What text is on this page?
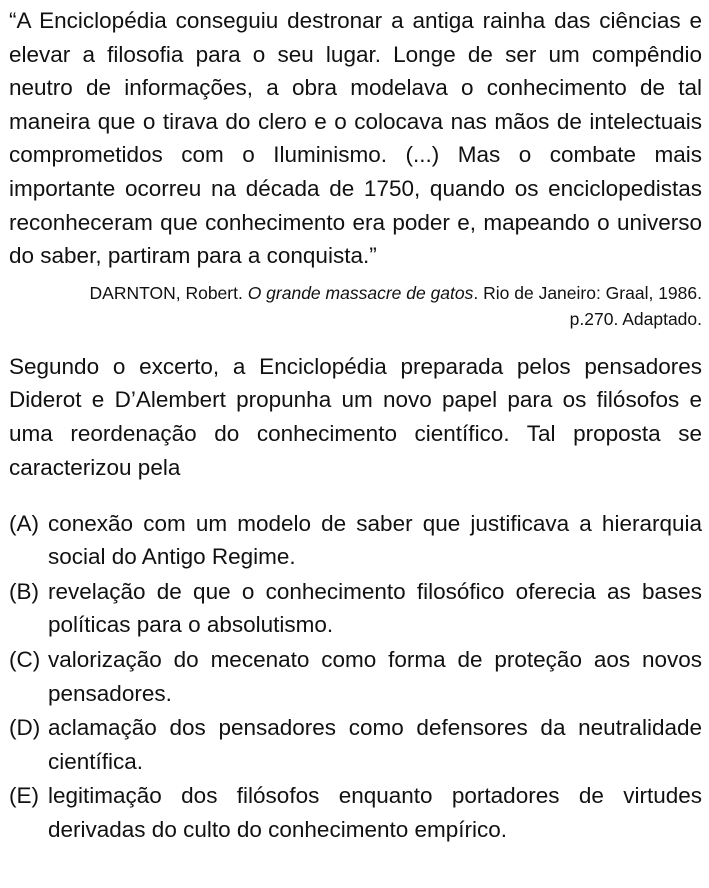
“A Enciclopédia conseguiu destronar a antiga rainha das ciências e elevar a filosofia para o seu lugar. Longe de ser um compêndio neutro de informações, a obra modelava o conhecimento de tal maneira que o tirava do clero e o colocava nas mãos de intelectuais comprometidos com o Iluminismo. (...) Mas o combate mais importante ocorreu na década de 1750, quando os enciclopedistas reconheceram que conhecimento era poder e, mapeando o universo do saber, partiram para a conquista.”

DARNTON, Robert. O grande massacre de gatos. Rio de Janeiro: Graal, 1986.
p.270. Adaptado.

Segundo o excerto, a Enciclopédia preparada pelos pensadores Diderot e D’Alembert propunha um novo papel para os filósofos e uma reordenação do conhecimento científico. Tal proposta se caracterizou pela

(A) conexão com um modelo de saber que justificava a hierarquia social do Antigo Regime.
(B) revelação de que o conhecimento filosófico oferecia as bases políticas para o absolutismo.
(C) valorização do mecenato como forma de proteção aos novos pensadores.
(D) aclamação dos pensadores como defensores da neutralidade científica.
(E) legitimação dos filósofos enquanto portadores de virtudes derivadas do culto do conhecimento empírico.
